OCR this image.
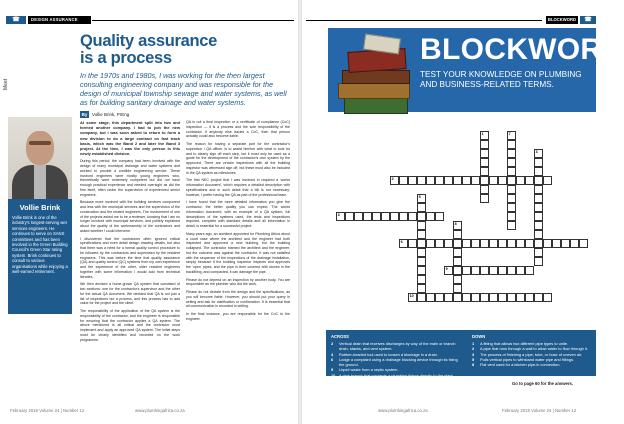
☎	DESIGN ASSURANCE
Meet
Quality assurance
is a process
In the 1970s and 1980s, I was working for the then largest consulting engineering company and was responsible for the design of municipal township sewage and water systems, as well as for building sanitary drainage and water systems.
By	Vollie Brink, PrEng
Vollie Brink
Vollie Brink is one of the industry's longest-serving wet services engineers. He continues to serve on SANS committees and has been involved in the Green Building Council's Green Star rating system. Brink continues to consult to various organisations while enjoying a well-earned retirement.

At some stage, this department split into two and formed another company. I had to join the new company, but I was soon asked to return to form a new division to do a large contract on fast track basis, which was the Band 2 and later the Band 3 project. At the time, I was the only person in this newly established division.

During this period, the company had been involved with the design of many municipal drainage and water systems and worked to provide a credible engineering service. These involved engineers were mostly young engineers who, theoretically were extremely competent but did not have enough practical experience and needed oversight as did the firm itself, often under the supervision of experienced senior engineers.

Because more involved with the building services component and less with the municipal services and the supervision of the construction and the related engineers. The involvement of one of the projects asked me to be a reviewer, knowing that I am no longer involved with municipal services, and politely explained about the quality of the workmanship of the contractors and asked whether I could intervene.

I discovered that the contractors often ignored critical specifications and even detail design drawing details, but also that there was a need for a formal quality control procedure to be followed by the contractors and supervised by the resident engineers. This was before the time that quality assurance (QA) and quality control (QC) systems from my own experience and the experience of the other, older resident engineers together with some information I would add from technical libraries.

We then devised a home-grown QA system that consisted of two sections: one for the contractor's supervisor and the other for the actual QA document. We decided that QA is not just a list of inspections but a process, and this process has to add value for the project and the client.

The responsibility of the application of the QA system is the responsibility of the contractor, and the engineer is responsible for ensuring that the contractor applies a QA system. The above mentioned is all critical and the contractor must implement and apply an approved QA system. The initial steps must be clearly identified and recorded on the work programme.

QA is not a final inspection or a certificate of compliance (CoC) inspection — it is a process and the sole responsibility of the contractor. If anybody else issues a CoC, then that person actually could also become liable.

The reason for having a separate part for the contractor's supervisor / QA officer, is to assist him/her with what to look for and to clearly sign off each step, but it must only be used as a guide for the development of the contractor's own system by the approved. There are certain inspections with all the building inspector was witnessed sign off, but these must also be included in the QA system as milestones.

The first NEC project that I was involved in required a 'works information document', which requires a detailed description with specifications and in such detail that a bill is not necessary; however, I prefer having the QA as part of the professional team.

I have found that the more detailed information you give the contractor, the better quality you can expect. The works information document, with an example of a QA system, full descriptions of the systems used, the tests and inspections required, complete with standard details and all information in detail, is essential for a successful project.

Many years ago, an architect appointed for Plumbing Africa about a court case where the architect and the engineer had both inspected and approved a new building, but the building collapsed. The contractor blamed the architect and the engineer, but the outcome was against the contractor. It was not satisfied with the sequence of the inspections of the drainage installation, simply because if the building inspector inspects and approves the 'open' pipes, and the pipe is then covered with stones in the backfilling, and compacted, it can damage the pipe.

Please do not depend on an inspection by another body. You are responsible as the plumber who did the work.

Please do not deviate from the design and the specifications, as you will become liable. However, you should put your query in writing and ask for clarification or confirmation. It is essential that all communication is recorded in writing.

In the final instance, you are responsible for the CoC to the engineer.

February 2019 Volume 24 | Number 12	www.plumbingafrica.co.za
BLOCKWORD	☎
BLOCKWORD
TEST YOUR KNOWLEDGE ON PLUMBING AND BUSINESS-RELATED TERMS.
1
2
7
3
4
5
6
8
9
10
ACROSS
2 Vertical drain that receives discharges by way of the main or branch drain, stacks, and vent system.
4 Rubber-headed tool used to loosen a blockage in a drain.
6 Lodge a complaint using a drainage blocking device through its fixing the ground.
9 Liquid waste from a septic system.
10 A pipe branch that connects a plumbing fixture directly to the stack.
DOWN
1 A fitting that allows two different pipe types to unite.
2 A pipe that runs through a wall to allow water to flow through it.
3 The process of finishing a pipe, tube, or hose of uneven air.
5 Pulls vertical pipes to withstand water pipe and fittings.
8 Flat vent used for a kitchen pipe-in connection.
Go to page 60 for the answers.
www.plumbingafrica.co.za	February 2019 Volume 24 | Number 12
